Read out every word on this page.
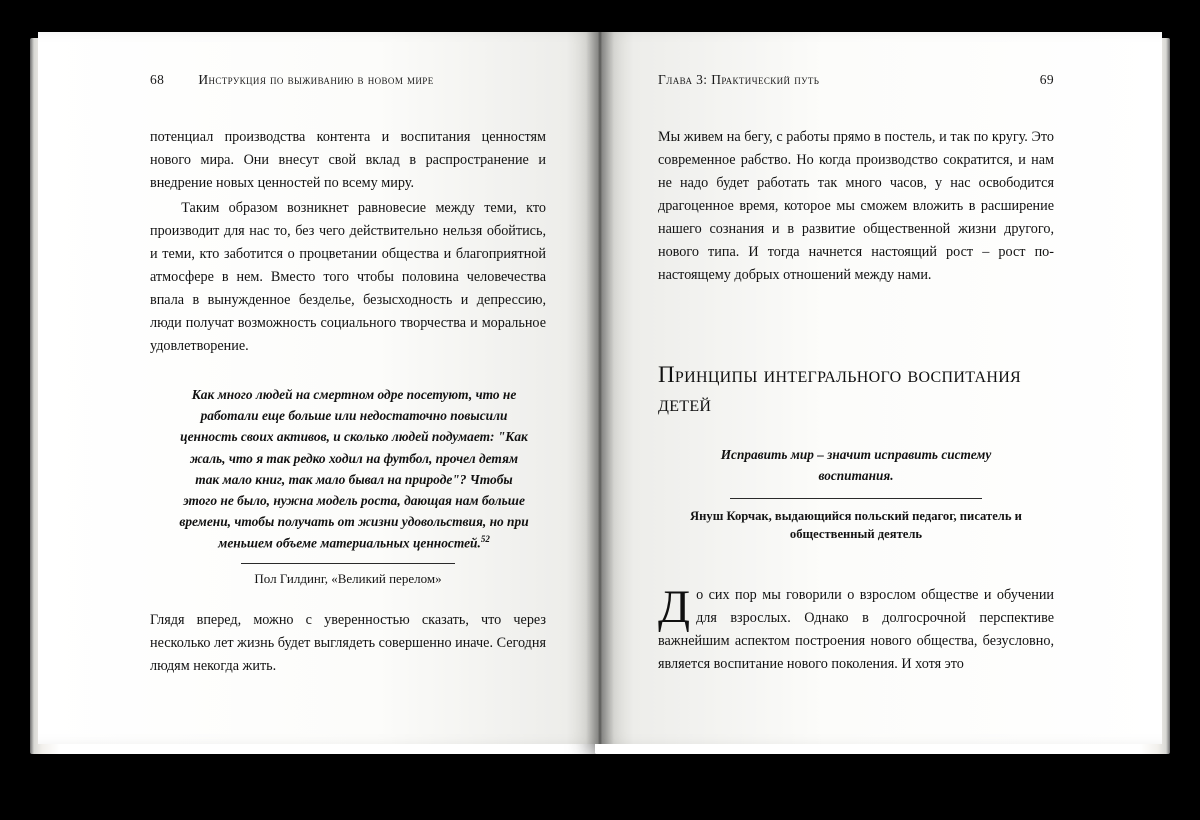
68	Инструкция по выживанию в новом мире

потенциал производства контента и воспитания ценностям нового мира. Они внесут свой вклад в распространение и внедрение новых ценностей по всему миру.

Таким образом возникнет равновесие между теми, кто производит для нас то, без чего действительно нельзя обойтись, и теми, кто заботится о процветании общества и благоприятной атмосфере в нем. Вместо того чтобы половина человечества впала в вынужденное безделье, безысходность и депрессию, люди получат возможность социального творчества и моральное удовлетворение.

Как много людей на смертном одре посетуют, что не работали еще больше или недостаточно повысили ценность своих активов, и сколько людей подумает: "Как жаль, что я так редко ходил на футбол, прочел детям так мало книг, так мало бывал на природе"? Чтобы этого не было, нужна модель роста, дающая нам больше времени, чтобы получать от жизни удовольствия, но при меньшем объеме материальных ценностей.$^{52}$
Пол Гилдинг, «Великий перелом»

Глядя вперед, можно с уверенностью сказать, что через несколько лет жизнь будет выглядеть совершенно иначе. Сегодня людям некогда жить.

Глава 3: Практический путь	69

Мы живем на бегу, с работы прямо в постель, и так по кругу. Это современное рабство. Но когда производство сократится, и нам не надо будет работать так много часов, у нас освободится драгоценное время, которое мы сможем вложить в расширение нашего сознания и в развитие общественной жизни другого, нового типа. И тогда начнется настоящий рост – рост по-настоящему добрых отношений между нами.

Принципы интегрального воспитания детей
Исправить мир – значит исправить систему воспитания.
Януш Корчак, выдающийся польский педагог, писатель и общественный деятель
До сих пор мы говорили о взрослом обществе и обучении для взрослых. Однако в долгосрочной перспективе важнейшим аспектом построения нового общества, безусловно, является воспитание нового поколения. И хотя это
